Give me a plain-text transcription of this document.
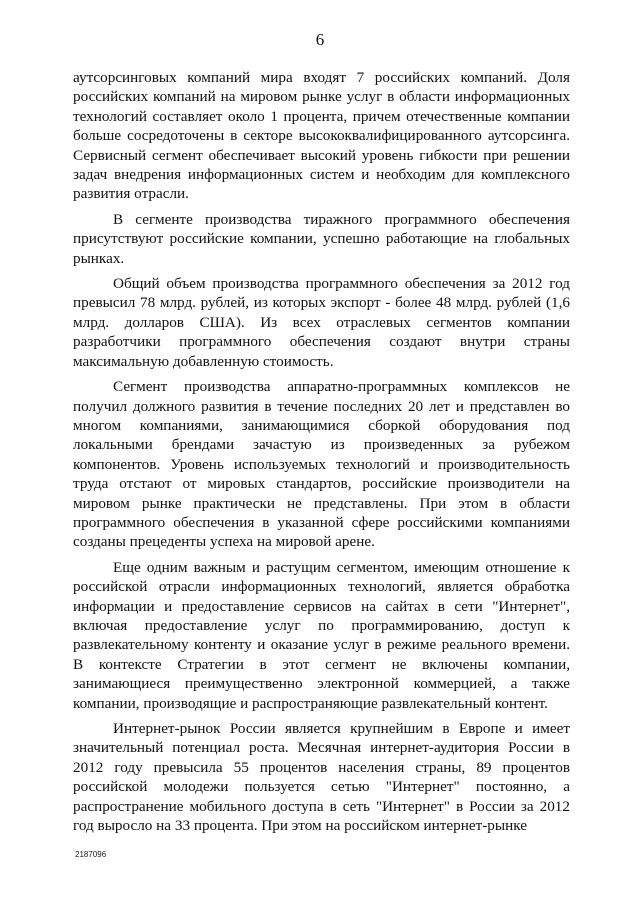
6

аутсорсинговых компаний мира входят 7 российских компаний. Доля российских компаний на мировом рынке услуг в области информационных технологий составляет около 1 процента, причем отечественные компании больше сосредоточены в секторе высококвалифицированного аутсорсинга. Сервисный сегмент обеспечивает высокий уровень гибкости при решении задач внедрения информационных систем и необходим для комплексного развития отрасли.

В сегменте производства тиражного программного обеспечения присутствуют российские компании, успешно работающие на глобальных рынках.

Общий объем производства программного обеспечения за 2012 год превысил 78 млрд. рублей, из которых экспорт - более 48 млрд. рублей (1,6 млрд. долларов США). Из всех отраслевых сегментов компании разработчики программного обеспечения создают внутри страны максимальную добавленную стоимость.

Сегмент производства аппаратно-программных комплексов не получил должного развития в течение последних 20 лет и представлен во многом компаниями, занимающимися сборкой оборудования под локальными брендами зачастую из произведенных за рубежом компонентов. Уровень используемых технологий и производительность труда отстают от мировых стандартов, российские производители на мировом рынке практически не представлены. При этом в области программного обеспечения в указанной сфере российскими компаниями созданы прецеденты успеха на мировой арене.

Еще одним важным и растущим сегментом, имеющим отношение к российской отрасли информационных технологий, является обработка информации и предоставление сервисов на сайтах в сети "Интернет", включая предоставление услуг по программированию, доступ к развлекательному контенту и оказание услуг в режиме реального времени. В контексте Стратегии в этот сегмент не включены компании, занимающиеся преимущественно электронной коммерцией, а также компании, производящие и распространяющие развлекательный контент.

Интернет-рынок России является крупнейшим в Европе и имеет значительный потенциал роста. Месячная интернет-аудитория России в 2012 году превысила 55 процентов населения страны, 89 процентов российской молодежи пользуется сетью "Интернет" постоянно, а распространение мобильного доступа в сеть "Интернет" в России за 2012 год выросло на 33 процента. При этом на российском интернет-рынке

2187096
